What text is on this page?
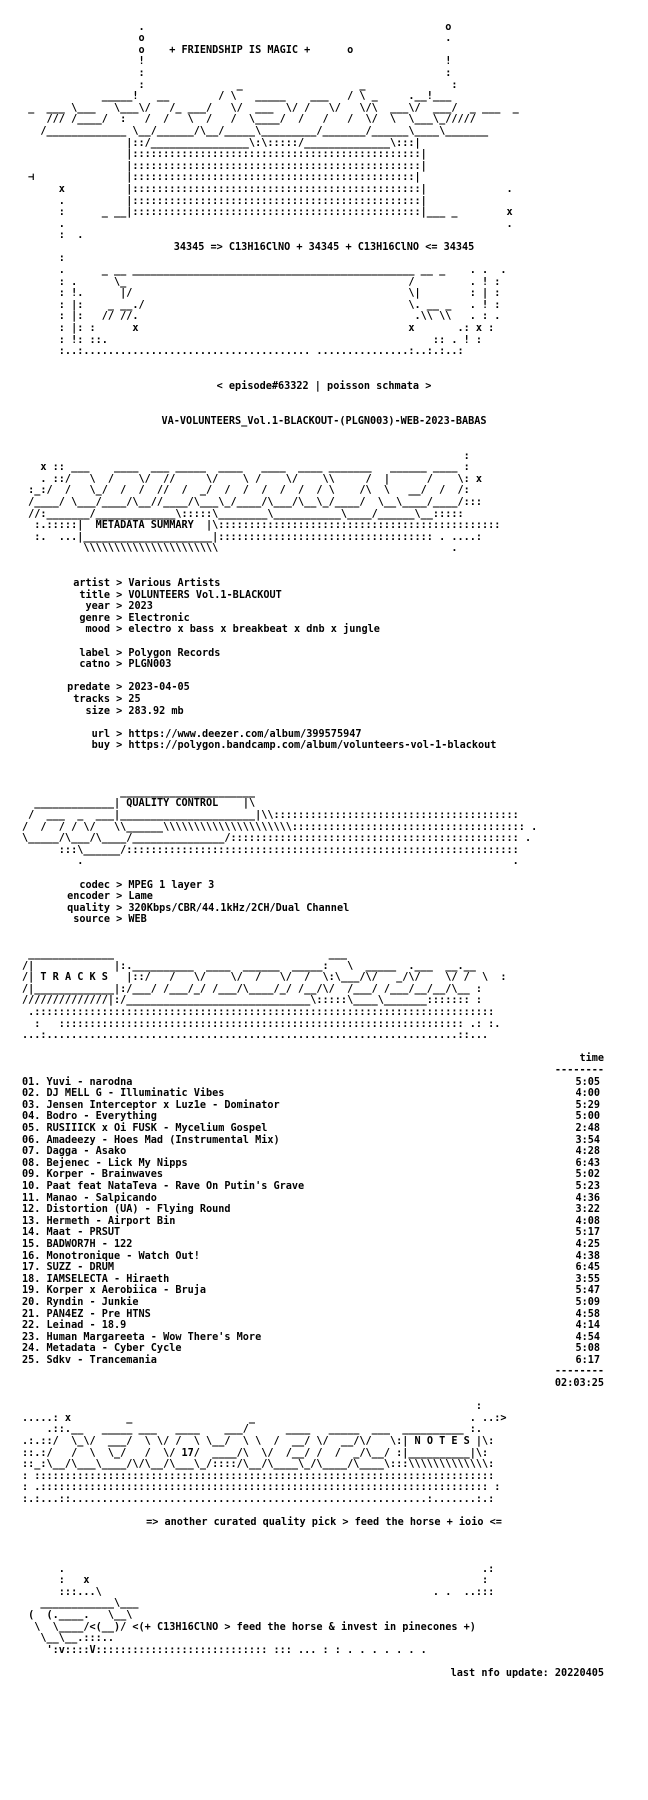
.                                                 o
o                                                 .
o    + FRIENDSHIP IS MAGIC +	o
!                                                 !
:                                                 :
:               _                   _              :
_____!   __        / \   _____    ___   / \ _     .__!___
_  ___ \___   \___\/   /_ ___/   \/  ___  \/ /   \/   \/\  ___\/  ___/  _ ___  _
/// /____/  :   /  /   \  /   /  \____/  /   /   /  \/  \  \___\_/////
/_____________ \__/______/\__/_____\_________/_______/______\____\_______
|::/________________\:\:::::/______________\:::|
|:::::::::::::::::::::::::::::::::::::::::::::::|
|:::::::::::::::::::::::::::::::::::::::::::::::|
⊣               |::::::::::::::::::::::::::::::::::::::::::::::|
x          |:::::::::::::::::::::::::::::::::::::::::::::::|             .
.          |:::::::::::::::::::::::::::::::::::::::::::::::|
:      _ __|:::::::::::::::::::::::::::::::::::::::::::::::|___ _        x
.                                                                        .
:  .
34345 => C13H16ClNO + 34345 + C13H16ClNO <= 34345
:
.      _ __ ______________________________________________ __ _    . .  .
: .      \_                                              /         . ! :
: !.      |/                                             \|        : | :
: |:    _ __./                                           \. __ _   . ! :
: |:   // //.                                             .\\ \\   . : .
: |: :      x                                            x       .: x :
: !: ::.                                                     :: . ! :
:..:..................................... ...............:..:.:..:
< episode#63322 | poisson schmata >
VA-VOLUNTEERS_Vol.1-BLACKOUT-(PLGN003)-WEB-2023-BABAS
:
x :: ___    ____  ___ _____  ____   ____  ____ _______   ______ ____ :
. ::/   \  /    \/  //     \/    \ /    \/    \\     /  |      /    \: x
:_:/  /   \_/  /  /  //  /  _/  /  /  /  /  /  / \    /\  \   __/  /  /:
/____/ \___/____/\__//____/\___\_/____/\___/\__\_/____/  \__\____/____/:::
//:_______/_____________\:::::\________\___________\____/______\__:::::
:.:::::|  METADATA SUMMARY  |\::::::::::::::::::::::::::::::::::::::::::::::
:.  ...|_____________________|::::::::::::::::::::::::::::::::::: . ....:
\\\\\\\\\\\\\\\\\\\\\\                                      .
artist > Various Artists
title > VOLUNTEERS Vol.1-BLACKOUT
year > 2023
genre > Electronic
mood > electro x bass x breakbeat x dnb x jungle
label > Polygon Records
catno > PLGN003
predate > 2023-04-05
tracks > 25
size > 283.92 mb
url > https://www.deezer.com/album/399575947
buy > https://polygon.bandcamp.com/album/volunteers-vol-1-blackout
______________________
_____________| QUALITY CONTROL    |\
/  ___  _  ___|______________________|\\::::::::::::::::::::::::::::::::::::::::
/  /  / / \/   \\______\\\\\\\\\\\\\\\\\\\\\:::::::::::::::::::::::::::::::::::::: .
\_____/\___/\____/_______________/::::::::::::::::::::::::::::::::::::::::::::::: .
:::\______/::::::::::::::::::::::::::::::::::::::::::::::::::::::::::::::::
.                                                                      .
codec > MPEG 1 layer 3
encoder > Lame
quality > 320Kbps/CBR/44.1kHz/2CH/Dual Channel
source > WEB
______________                                   ___
/|             |:.__________  ____  ______  _____:   \  _____  .___  __.__
/| T R A C K S   |::/   /   \/    \/  /   \/  /  \:\___/\/   _/\/    \/ /  \  :
/|_____________|:/___/ /___/_/ /___/\____/_/ /__/\/  /___/ /___/__/__/\__ :
//////////////|:/______________________________\:::::\____\_______::::::: :
.:::::::::::::::::::::::::::::::::::::::::::::::::::::::::::::::::::::::::::
:   :::::::::::::::::::::::::::::::::::::::::::::::::::::::::::::::::: .: :.
...:...................................................................::...
time
--------
01. Yuvi - narodna	5:05
02. DJ MELL G - Illuminatic Vibes	4:00
03. Jensen Interceptor x Luz1e - Dominator	5:29
04. Bodro - Everything	5:00
05. RUSIIICK x Oi FUSK - Mycelium Gospel	2:48
06. Amadeezy - Hoes Mad (Instrumental Mix)	3:54
07. Dagga - Asako	4:28
08. Bejenec - Lick My Nipps	6:43
09. Korper - Brainwaves	5:02
10. Paat feat NataTeva - Rave On Putin's Grave	5:23
11. Manao - Salpicando	4:36
12. Distortion (UA) - Flying Round	3:22
13. Hermeth - Airport Bin	4:08
14. Maat - PRSUT	5:17
15. BADWOR7H - 122	4:25
16. Monotronique - Watch Out!	4:38
17. SUZZ - DRUM	6:45
18. IAMSELECTA - Hiraeth	3:55
19. Korper x Aerobiica - Bruja	5:47
20. Ryndin - Junkie	5:09
21. PAN4EZ - Pre HTNS	4:58
22. Leinad - 18.9	4:14
23. Human Margareeta - Wow There's More	4:54
24. Metadata - Cyber Cycle	5:08
25. Sdkv - Trancemania	6:17
--------
02:03:25
:
.....: x         _                   _                                   . ..:>
.::.__   _____ ___   ____    ___/      ____   _____  ___  __________ :.
.:.::/  \_\/  ___/  \ \/ /  \ \__/  \ \  /  __/ \/  __/\/   \:| N O T E S |\:
::.:/   /  \  \_/   /  \/ 17/  ____/\  \/  /__/ /  /  _/\__/ :|__________|\:
::_:\__/\___\____/\/\__/\___\_/::::/\__/\____\_/\____/\____\:::\\\\\\\\\\\\\:
: :::::::::::::::::::::::::::::::::::::::::::::::::::::::::::::::::::::::::::
: .::::::::::::::::::::::::::::::::::::::::::::::::::::::::::::::::::::::::: :
:.:...::..........................................................:.......:.:
=> another curated quality pick > feed the horse + ioio <=
.                                                                    .:
:   x                                                                :
:::...\                                                      . .  ..:::
____________\___
(  (.____.   \__\
\  \____/<(__)/ <(+ C13H16ClNO > feed the horse & invest in pinecones +)
\__\__.:::..
':v::::V:::::::::::::::::::::::::::: ::: ... : : . . . . . . .
last nfo update: 20220405
